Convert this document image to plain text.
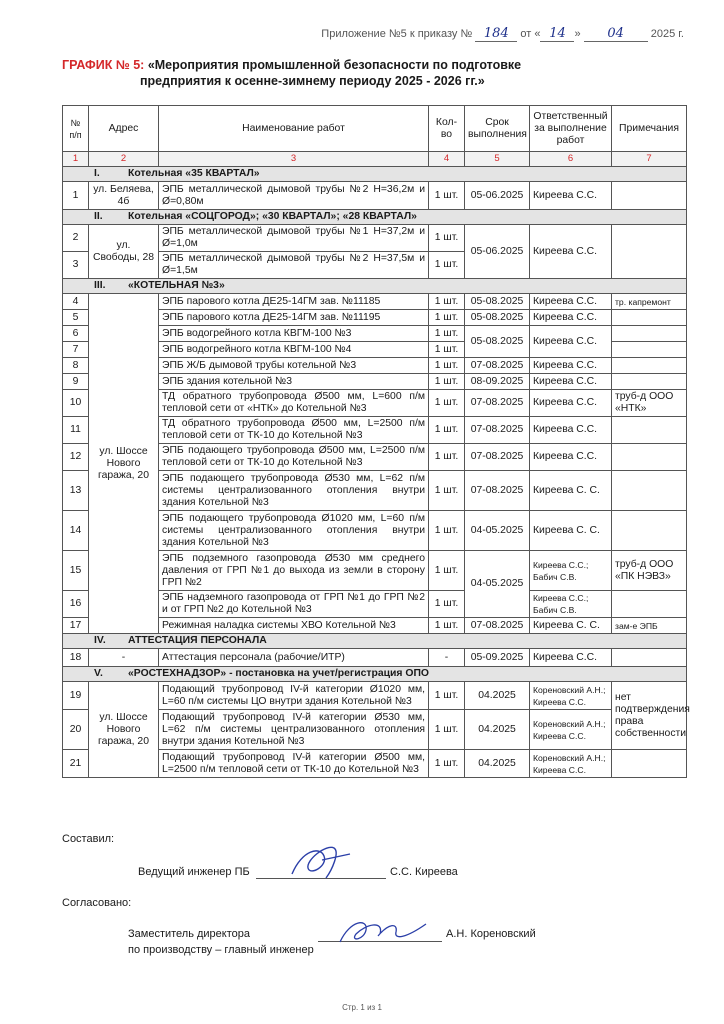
Приложение №5 к приказу № 184 от « 14 » 04 2025 г.
ГРАФИК № 5: «Мероприятия промышленной безопасности по подготовке
предприятия к осенне-зимнему периоду 2025 - 2026 гг.»
№ п/п	Адрес	Наименование работ	Кол-во	Срок выполнения	Ответственный за выполнение работ	Примечания
1	2	3	4	5	6	7
I. Котельная «35 КВАРТАЛ»						
1	ул. Беляева, 4б	ЭПБ металлической дымовой трубы №2 Н=36,2м и Ø=0,80м	1 шт.	05-06.2025	Киреева С.С.	
II. Котельная «СОЦГОРОД»; «30 КВАРТАЛ»; «28 КВАРТАЛ»						
2	ул. Свободы, 28	ЭПБ металлической дымовой трубы №1 Н=37,2м и Ø=1,0м	1 шт.	05-06.2025	Киреева С.С.	
3		ЭПБ металлической дымовой трубы №2 Н=37,5м и Ø=1,5м	1 шт.			
III. «КОТЕЛЬНАЯ №3»						
4	ул. Шоссе Нового гаража, 20	ЭПБ парового котла ДЕ25-14ГМ зав. №11185	1 шт.	05-08.2025	Киреева С.С.	тр. капремонт
5		ЭПБ парового котла ДЕ25-14ГМ зав. №11195	1 шт.	05-08.2025	Киреева С.С.	
6		ЭПБ водогрейного котла КВГМ-100 №3	1 шт.	05-08.2025	Киреева С.С.	
7		ЭПБ водогрейного котла КВГМ-100 №4	1 шт.			
8		ЭПБ Ж/Б дымовой трубы котельной №3	1 шт.	07-08.2025	Киреева С.С.	
9		ЭПБ здания котельной №3	1 шт.	08-09.2025	Киреева С.С.	
10		ТД обратного трубопровода Ø500 мм, L=600 п/м тепловой сети от «НТК» до Котельной №3	1 шт.	07-08.2025	Киреева С.С.	труб-д ООО «НТК»
11		ТД обратного трубопровода Ø500 мм, L=2500 п/м тепловой сети от ТК-10 до Котельной №3	1 шт.	07-08.2025	Киреева С.С.	
12		ЭПБ подающего трубопровода Ø500 мм, L=2500 п/м тепловой сети от ТК-10 до Котельной №3	1 шт.	07-08.2025	Киреева С.С.	
13		ЭПБ подающего трубопровода Ø530 мм, L=62 п/м системы централизованного отопления внутри здания Котельной №3	1 шт.	07-08.2025	Киреева С. С.	
14		ЭПБ подающего трубопровода Ø1020 мм, L=60 п/м системы централизованного отопления внутри здания Котельной №3	1 шт.	04-05.2025	Киреева С. С.	
15		ЭПБ подземного газопровода Ø530 мм среднего давления от ГРП №1 до выхода из земли в сторону ГРП №2	1 шт.	04-05.2025	Киреева С.С.; Бабич С.В.	труб-д ООО «ПК НЭВЗ»
16		ЭПБ надземного газопровода от ГРП №1 до ГРП №2 и от ГРП №2 до Котельной №3	1 шт.		Киреева С.С.; Бабич С.В.	
17		Режимная наладка системы ХВО Котельной №3	1 шт.	07-08.2025	Киреева С. С.	зам-е ЭПБ
IV. АТТЕСТАЦИЯ ПЕРСОНАЛА						
18	-	Аттестация персонала (рабочие/ИТР)	-	05-09.2025	Киреева С.С.	
V. «РОСТЕХНАДЗОР» - постановка на учет/регистрация ОПО						
19	ул. Шоссе Нового гаража, 20	Подающий трубопровод IV-й категории Ø1020 мм, L=60 п/м системы ЦО внутри здания Котельной №3	1 шт.	04.2025	Кореновский А.Н.; Киреева С.С.	нет подтверждения права собственности
20		Подающий трубопровод IV-й категории Ø530 мм, L=62 п/м системы централизованного отопления внутри здания Котельной №3	1 шт.	04.2025	Кореновский А.Н.; Киреева С.С.	
21		Подающий трубопровод IV-й категории Ø500 мм, L=2500 п/м тепловой сети от ТК-10 до Котельной №3	1 шт.	04.2025	Кореновский А.Н.; Киреева С.С.	
Составил:
Ведущий инженер ПБ	С.С. Киреева
Согласовано:
Заместитель директора
по производству – главный инженер
А.Н. Кореновский
Стр. 1 из 1
